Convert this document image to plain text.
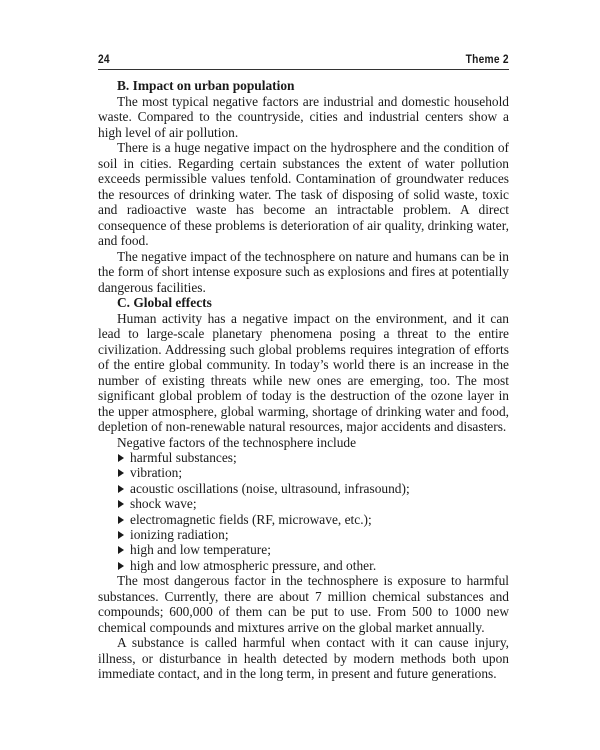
24	Theme 2
B. Impact on urban population

The most typical negative factors are industrial and domestic household waste. Compared to the countryside, cities and industrial centers show a high level of air pollution.

There is a huge negative impact on the hydrosphere and the condition of soil in cities. Regarding certain substances the extent of water pollution exceeds permissible values tenfold. Contamination of groundwater reduces the resources of drinking water. The task of disposing of solid waste, toxic and radioactive waste has become an intractable problem. A direct consequence of these problems is deterioration of air quality, drinking water, and food.

The negative impact of the technosphere on nature and humans can be in the form of short intense exposure such as explosions and fires at potentially dangerous facilities.

C. Global effects

Human activity has a negative impact on the environment, and it can lead to large-scale planetary phenomena posing a threat to the entire civilization. Addressing such global problems requires integration of efforts of the entire global community. In today’s world there is an increase in the number of existing threats while new ones are emerging, too. The most significant global problem of today is the destruction of the ozone layer in the upper atmosphere, global warming, shortage of drinking water and food, depletion of non-renewable natural resources, major accidents and disasters.

Negative factors of the technosphere include

harmful substances;
vibration;
acoustic oscillations (noise, ultrasound, infrasound);
shock wave;
electromagnetic fields (RF, microwave, etc.);
ionizing radiation;
high and low temperature;
high and low atmospheric pressure, and other.

The most dangerous factor in the technosphere is exposure to harmful substances. Currently, there are about 7 million chemical substances and compounds; 600,000 of them can be put to use. From 500 to 1000 new chemical compounds and mixtures arrive on the global market annually.

A substance is called harmful when contact with it can cause injury, illness, or disturbance in health detected by modern methods both upon immediate contact, and in the long term, in present and future generations.
